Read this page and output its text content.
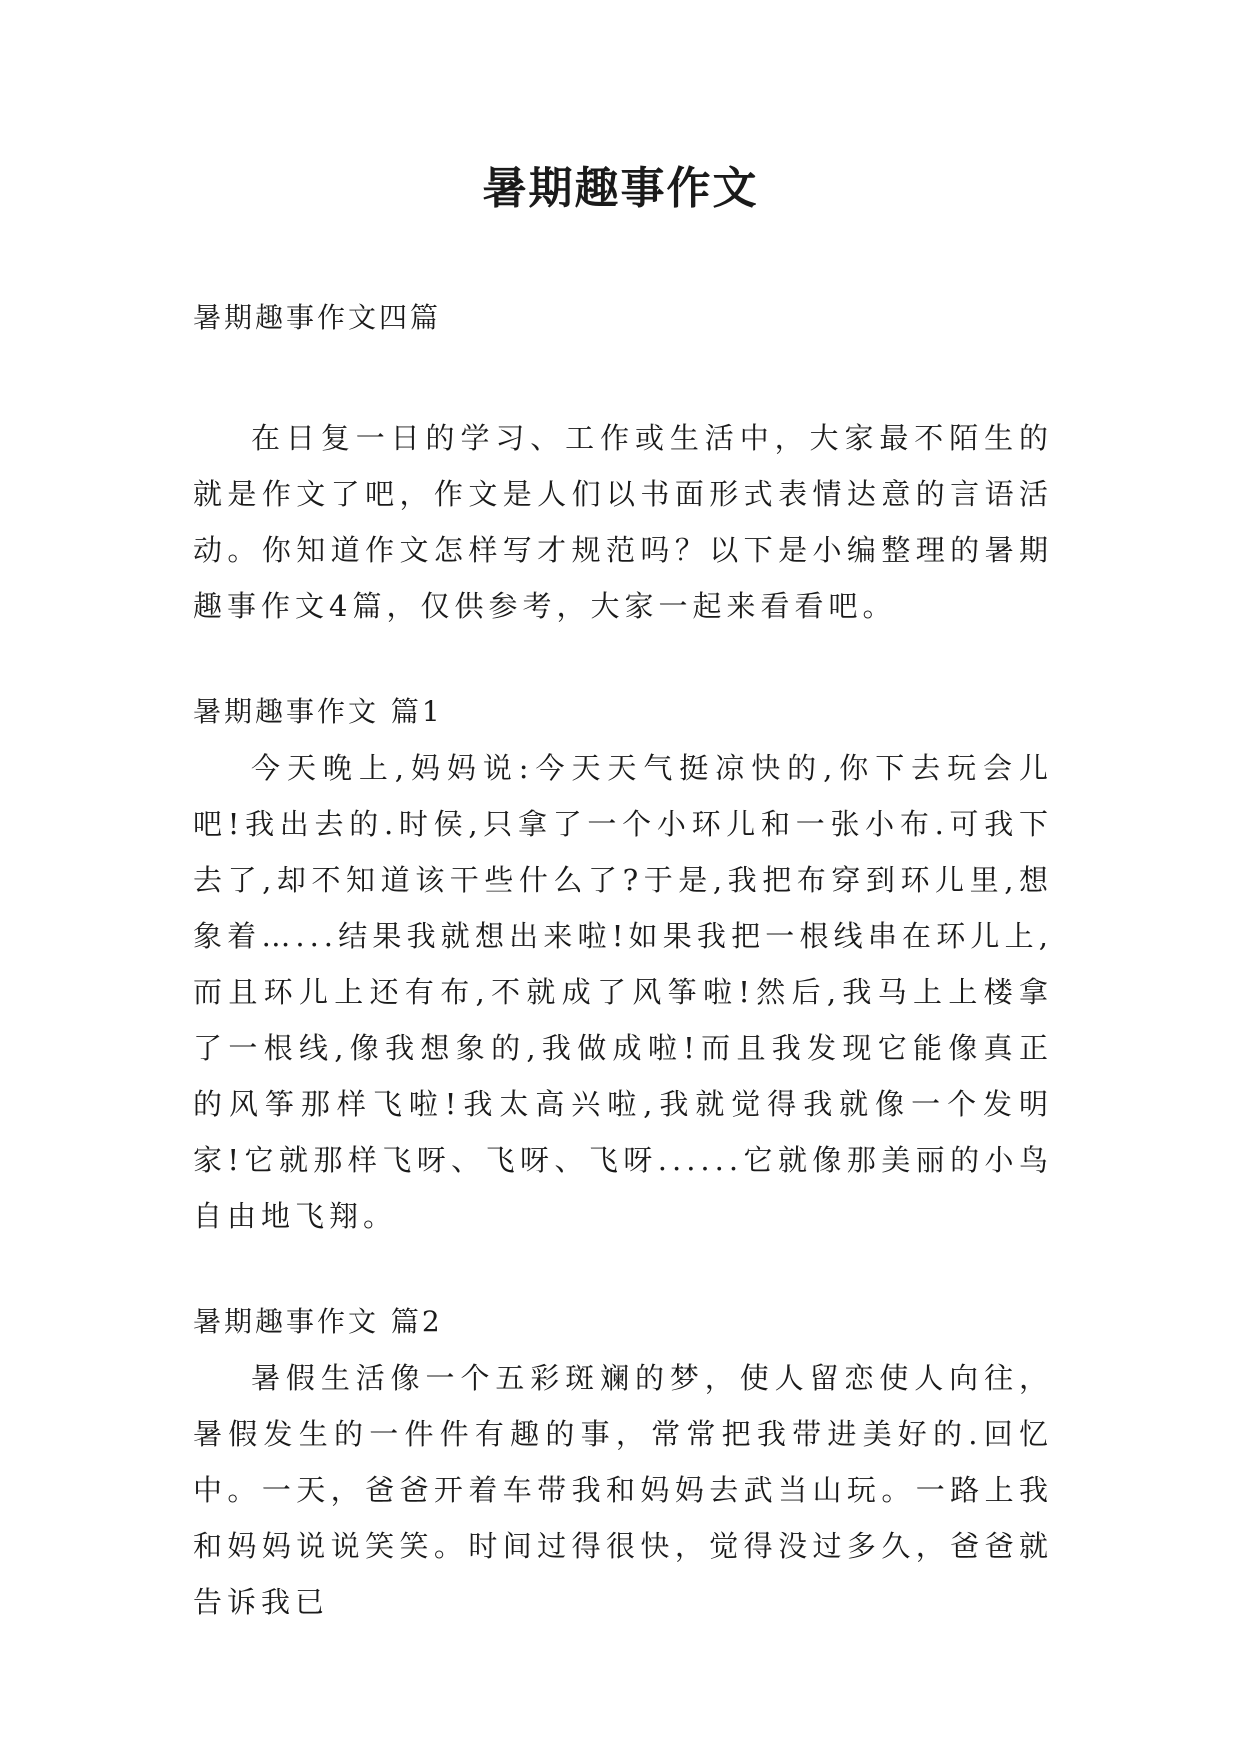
暑期趣事作文

暑期趣事作文四篇

在日复一日的学习、工作或生活中，大家最不陌生的就是作文了吧，作文是人们以书面形式表情达意的言语活动。你知道作文怎样写才规范吗？以下是小编整理的暑期趣事作文4篇，仅供参考，大家一起来看看吧。

暑期趣事作文 篇1

今天晚上,妈妈说:今天天气挺凉快的,你下去玩会儿吧!我出去的.时侯,只拿了一个小环儿和一张小布.可我下去了,却不知道该干些什么了?于是,我把布穿到环儿里,想象着…...结果我就想出来啦!如果我把一根线串在环儿上,而且环儿上还有布,不就成了风筝啦!然后,我马上上楼拿了一根线,像我想象的,我做成啦!而且我发现它能像真正的风筝那样飞啦!我太高兴啦,我就觉得我就像一个发明家!它就那样飞呀、飞呀、飞呀......它就像那美丽的小鸟自由地飞翔。

暑期趣事作文 篇2

暑假生活像一个五彩斑斓的梦，使人留恋使人向往，暑假发生的一件件有趣的事，常常把我带进美好的.回忆中。一天，爸爸开着车带我和妈妈去武当山玩。一路上我和妈妈说说笑笑。时间过得很快，觉得没过多久，爸爸就告诉我已
